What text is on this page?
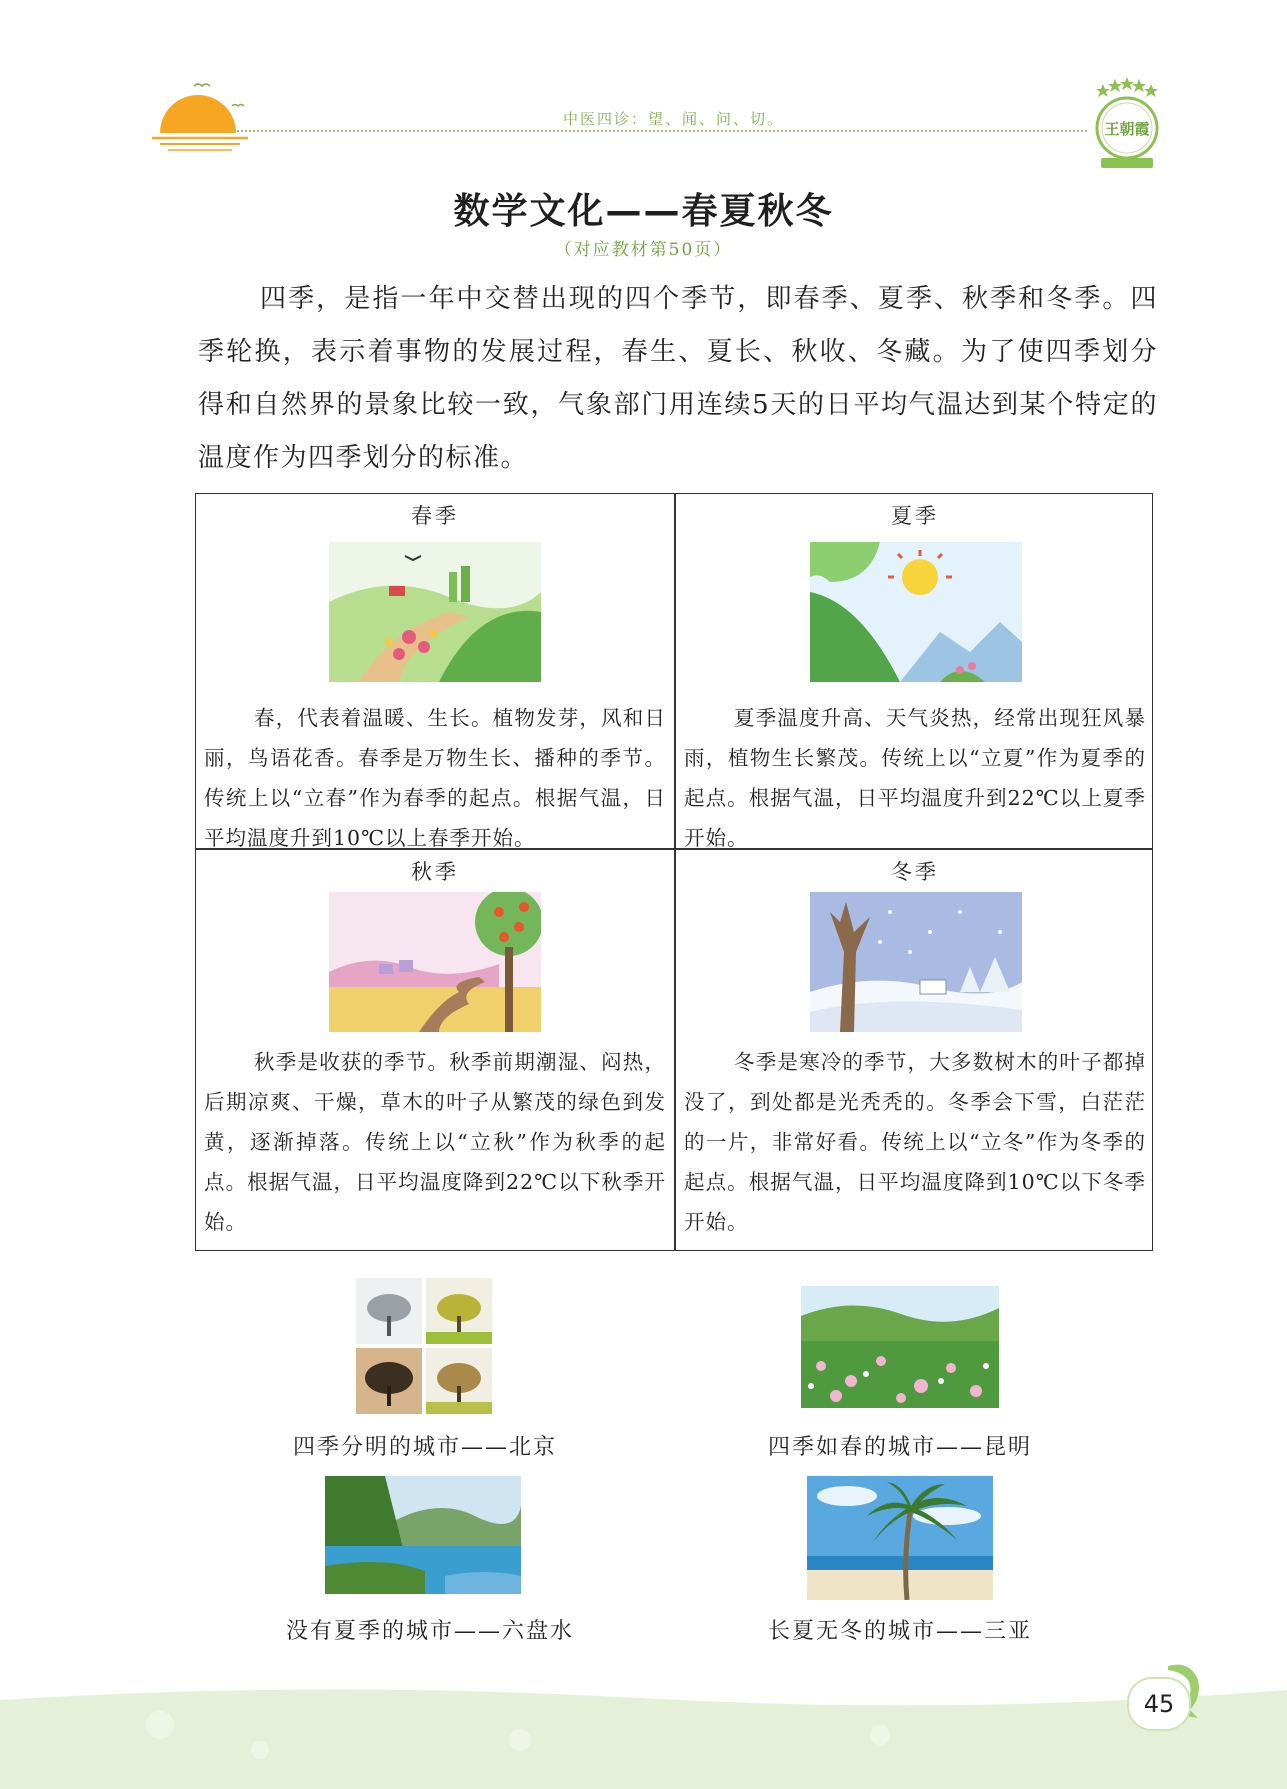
中医四诊：望、闻、问、切。
王朝霞
数学文化——春夏秋冬
（对应教材第50页）
四季，是指一年中交替出现的四个季节，即春季、夏季、秋季和冬季。四季轮换，表示着事物的发展过程，春生、夏长、秋收、冬藏。为了使四季划分得和自然界的景象比较一致，气象部门用连续5天的日平均气温达到某个特定的温度作为四季划分的标准。
春季
春，代表着温暖、生长。植物发芽，风和日丽，鸟语花香。春季是万物生长、播种的季节。传统上以“立春”作为春季的起点。根据气温，日平均温度升到10℃以上春季开始。
夏季
夏季温度升高、天气炎热，经常出现狂风暴雨，植物生长繁茂。传统上以“立夏”作为夏季的起点。根据气温，日平均温度升到22℃以上夏季开始。
秋季
秋季是收获的季节。秋季前期潮湿、闷热，后期凉爽、干燥，草木的叶子从繁茂的绿色到发黄，逐渐掉落。传统上以“立秋”作为秋季的起点。根据气温，日平均温度降到22℃以下秋季开始。
冬季
冬季是寒冷的季节，大多数树木的叶子都掉没了，到处都是光秃秃的。冬季会下雪，白茫茫的一片，非常好看。传统上以“立冬”作为冬季的起点。根据气温，日平均温度降到10℃以下冬季开始。
四季分明的城市——北京	四季如春的城市——昆明
没有夏季的城市——六盘水	长夏无冬的城市——三亚
45
